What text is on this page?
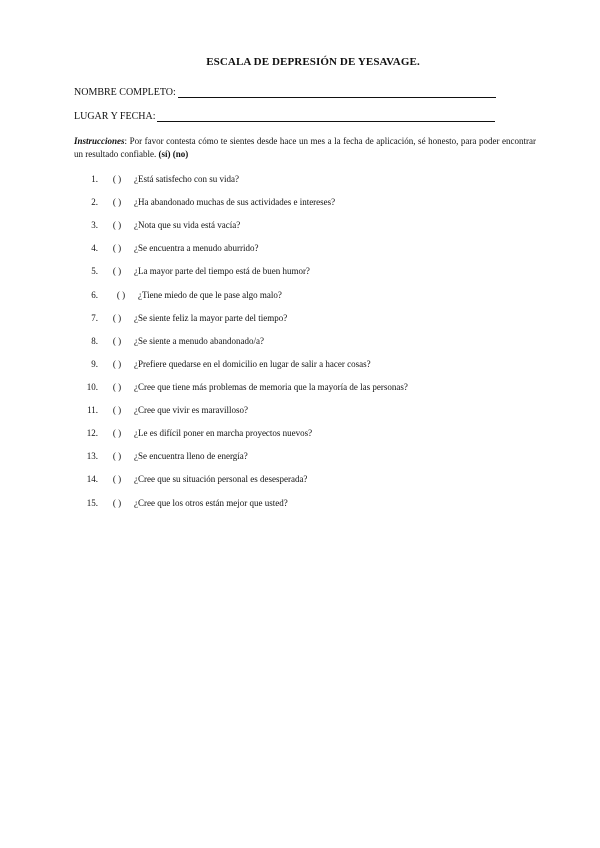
ESCALA DE DEPRESIÓN DE YESAVAGE.
NOMBRE COMPLETO:
LUGAR Y FECHA:
Instrucciones: Por favor contesta cómo te sientes desde hace un mes a la fecha de aplicación, sé honesto, para poder encontrar un resultado confiable. (sí) (no)
1.	( )	¿Está satisfecho con su vida?
2.	( )	¿Ha abandonado muchas de sus actividades e intereses?
3.	( )	¿Nota que su vida está vacía?
4.	( )	¿Se encuentra a menudo aburrido?
5.	( )	¿La mayor parte del tiempo está de buen humor?
6.	( )	¿Tiene miedo de que le pase algo malo?
7.	( )	¿Se siente feliz la mayor parte del tiempo?
8.	( )	¿Se siente a menudo abandonado/a?
9.	( )	¿Prefiere quedarse en el domicilio en lugar de salir a hacer cosas?
10.	( )	¿Cree que tiene más problemas de memoria que la mayoría de las personas?
11.	( )	¿Cree que vivir es maravilloso?
12.	( )	¿Le es difícil poner en marcha proyectos nuevos?
13.	( )	¿Se encuentra lleno de energía?
14.	( )	¿Cree que su situación personal es desesperada?
15.	( )	¿Cree que los otros están mejor que usted?
